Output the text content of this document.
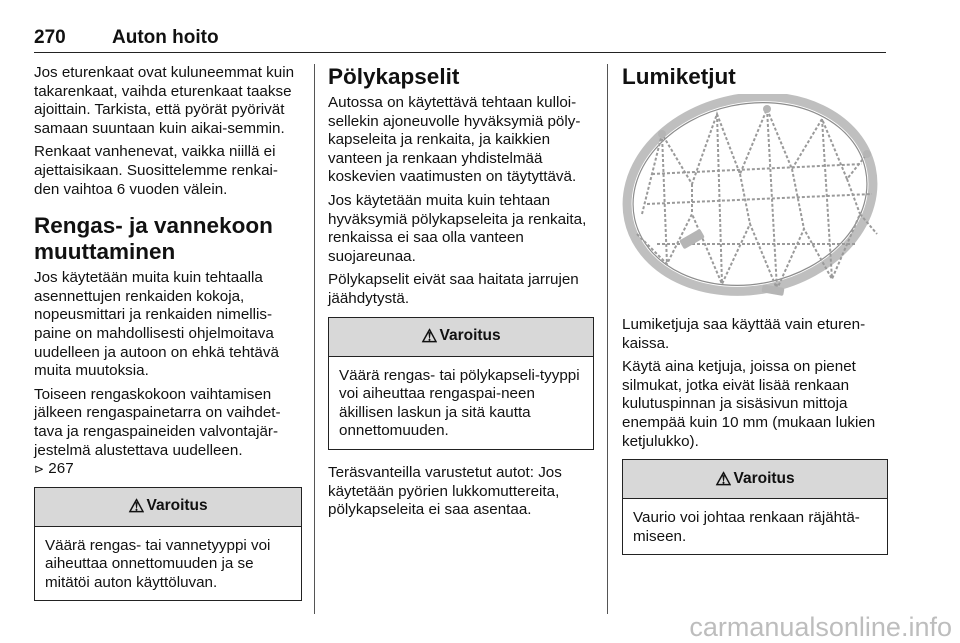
270 Auton hoito

Jos eturenkaat ovat kuluneemmat kuin takarenkaat, vaihda eturenkaat taakse ajoittain. Tarkista, että pyörät pyörivät samaan suuntaan kuin aikai-semmin.

Renkaat vanhenevat, vaikka niillä ei ajettaisikaan. Suosittelemme renkai-den vaihtoa 6 vuoden välein.

Rengas- ja vannekoon muuttaminen

Jos käytetään muita kuin tehtaalla asennettujen renkaiden kokoja, nopeusmittari ja renkaiden nimellis-paine on mahdollisesti ohjelmoitava uudelleen ja autoon on ehkä tehtävä muita muutoksia.

Toiseen rengaskokoon vaihtamisen jälkeen rengaspainetarra on vaihdet-tava ja rengaspaineiden valvontajär-jestelmä alustettava uudelleen.
⊳ 267

⚠ Varoitus
Väärä rengas- tai vannetyyppi voi aiheuttaa onnettomuuden ja se mitätöi auton käyttöluvan.
Pölykapselit

Autossa on käytettävä tehtaan kulloi-sellekin ajoneuvolle hyväksymiä pöly-kapseleita ja renkaita, ja kaikkien vanteen ja renkaan yhdistelmää koskevien vaatimusten on täytyttävä.

Jos käytetään muita kuin tehtaan hyväksymiä pölykapseleita ja renkaita, renkaissa ei saa olla vanteen suojareunaa.

Pölykapselit eivät saa haitata jarrujen jäähdytystä.

⚠ Varoitus
Väärä rengas- tai pölykapseli-tyyppi voi aiheuttaa rengaspai-neen äkillisen laskun ja sitä kautta onnettomuuden.

Teräsvanteilla varustetut autot: Jos käytetään pyörien lukkomuttereita, pölykapseleita ei saa asentaa.

Lumiketjut

Lumiketjuja saa käyttää vain eturen-kaissa.

Käytä aina ketjuja, joissa on pienet silmukat, jotka eivät lisää renkaan kulutuspinnan ja sisäsivun mittoja enempää kuin 10 mm (mukaan lukien ketjulukko).

⚠ Varoitus
Vaurio voi johtaa renkaan räjähtä-miseen.
carmanualsonline.info
